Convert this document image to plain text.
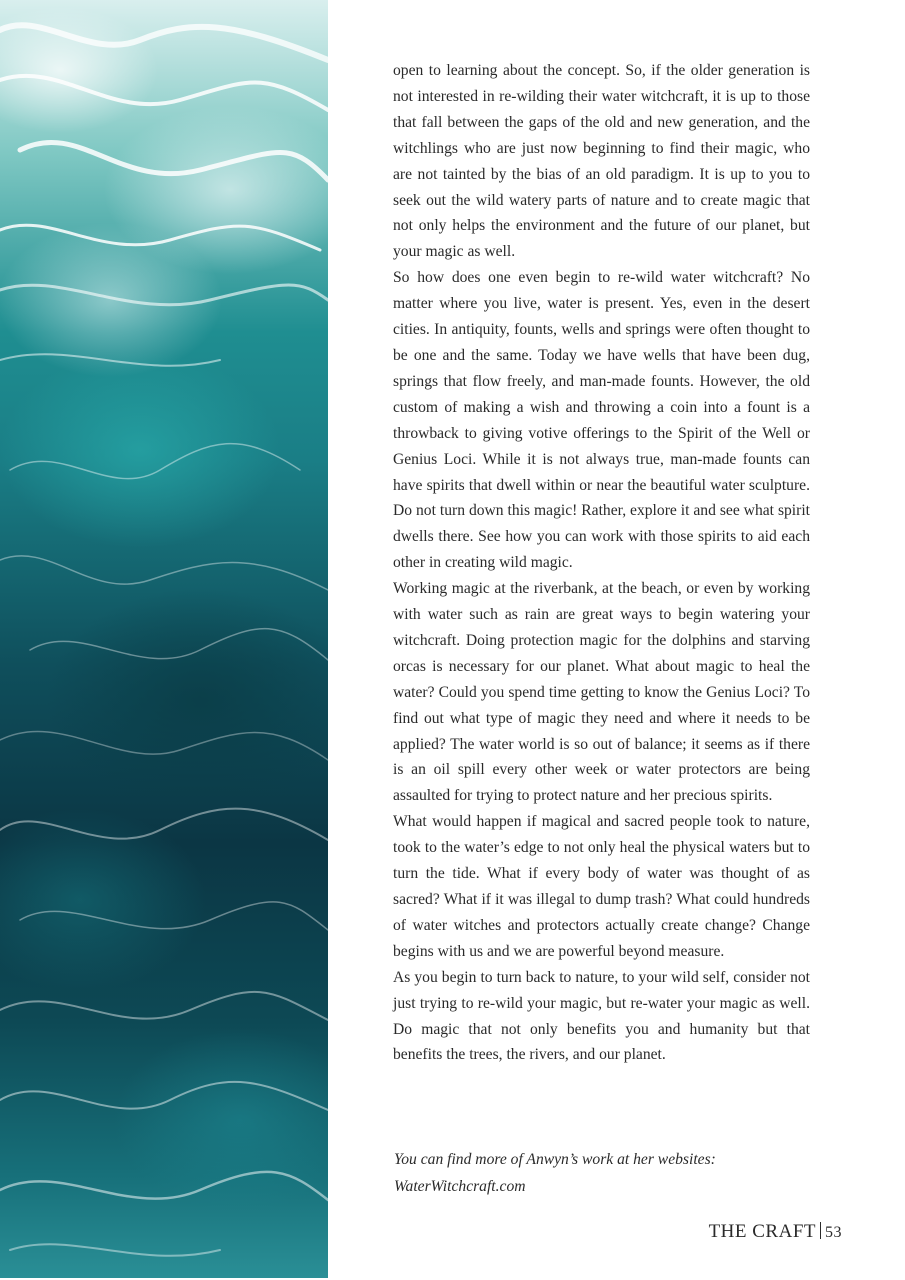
open to learning about the concept. So, if the older generation is not interested in re-wilding their water witchcraft, it is up to those that fall between the gaps of the old and new generation, and the witchlings who are just now beginning to find their magic, who are not tainted by the bias of an old paradigm. It is up to you to seek out the wild watery parts of nature and to create magic that not only helps the environment and the future of our planet, but your magic as well.

So how does one even begin to re-wild water witchcraft? No matter where you live, water is present. Yes, even in the desert cities. In antiquity, founts, wells and springs were often thought to be one and the same. Today we have wells that have been dug, springs that flow freely, and man-made founts. However, the old custom of making a wish and throwing a coin into a fount is a throwback to giving votive offerings to the Spirit of the Well or Genius Loci. While it is not always true, man-made founts can have spirits that dwell within or near the beautiful water sculpture. Do not turn down this magic! Rather, explore it and see what spirit dwells there. See how you can work with those spirits to aid each other in creating wild magic.

Working magic at the riverbank, at the beach, or even by working with water such as rain are great ways to begin watering your witchcraft. Doing protection magic for the dolphins and starving orcas is necessary for our planet. What about magic to heal the water? Could you spend time getting to know the Genius Loci? To find out what type of magic they need and where it needs to be applied? The water world is so out of balance; it seems as if there is an oil spill every other week or water protectors are being assaulted for trying to protect nature and her precious spirits.

What would happen if magical and sacred people took to nature, took to the water’s edge to not only heal the physical waters but to turn the tide. What if every body of water was thought of as sacred? What if it was illegal to dump trash? What could hundreds of water witches and protectors actually create change? Change begins with us and we are powerful beyond measure.

As you begin to turn back to nature, to your wild self, consider not just trying to re-wild your magic, but re-water your magic as well. Do magic that not only benefits you and humanity but that benefits the trees, the rivers, and our planet.

You can find more of Anwyn’s work at her websites:

WaterWitchcraft.com

THE CRAFT 53
